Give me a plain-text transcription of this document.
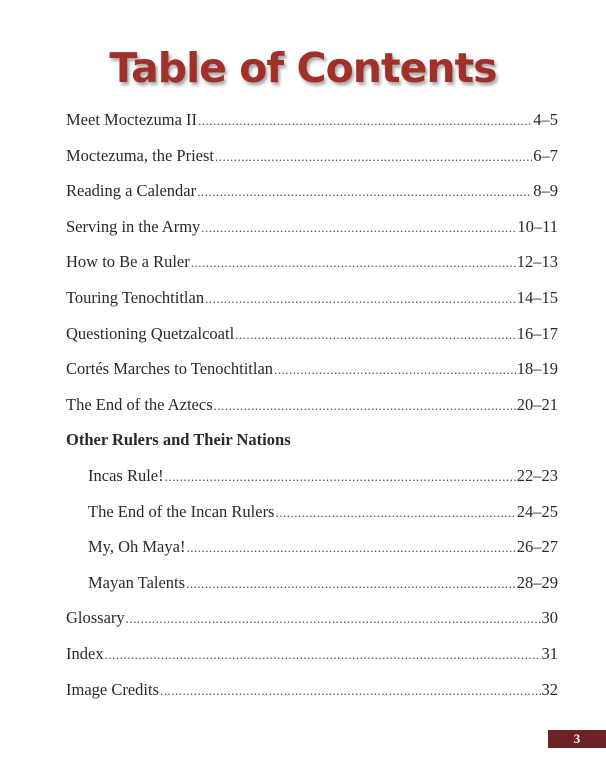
Table of Contents
Meet Moctezuma II .....	4–5
Moctezuma, the Priest .....	6–7
Reading a Calendar .....	8–9
Serving in the Army .....	10–11
How to Be a Ruler .....	12–13
Touring Tenochtitlan .....	14–15
Questioning Quetzalcoatl .....	16–17
Cortés Marches to Tenochtitlan .....	18–19
The End of the Aztecs .....	20–21
Other Rulers and Their Nations
Incas Rule! .....	22–23
The End of the Incan Rulers .....	24–25
My, Oh Maya! .....	26–27
Mayan Talents .....	28–29
Glossary .....	30
Index .....	31
Image Credits .....	32
3
